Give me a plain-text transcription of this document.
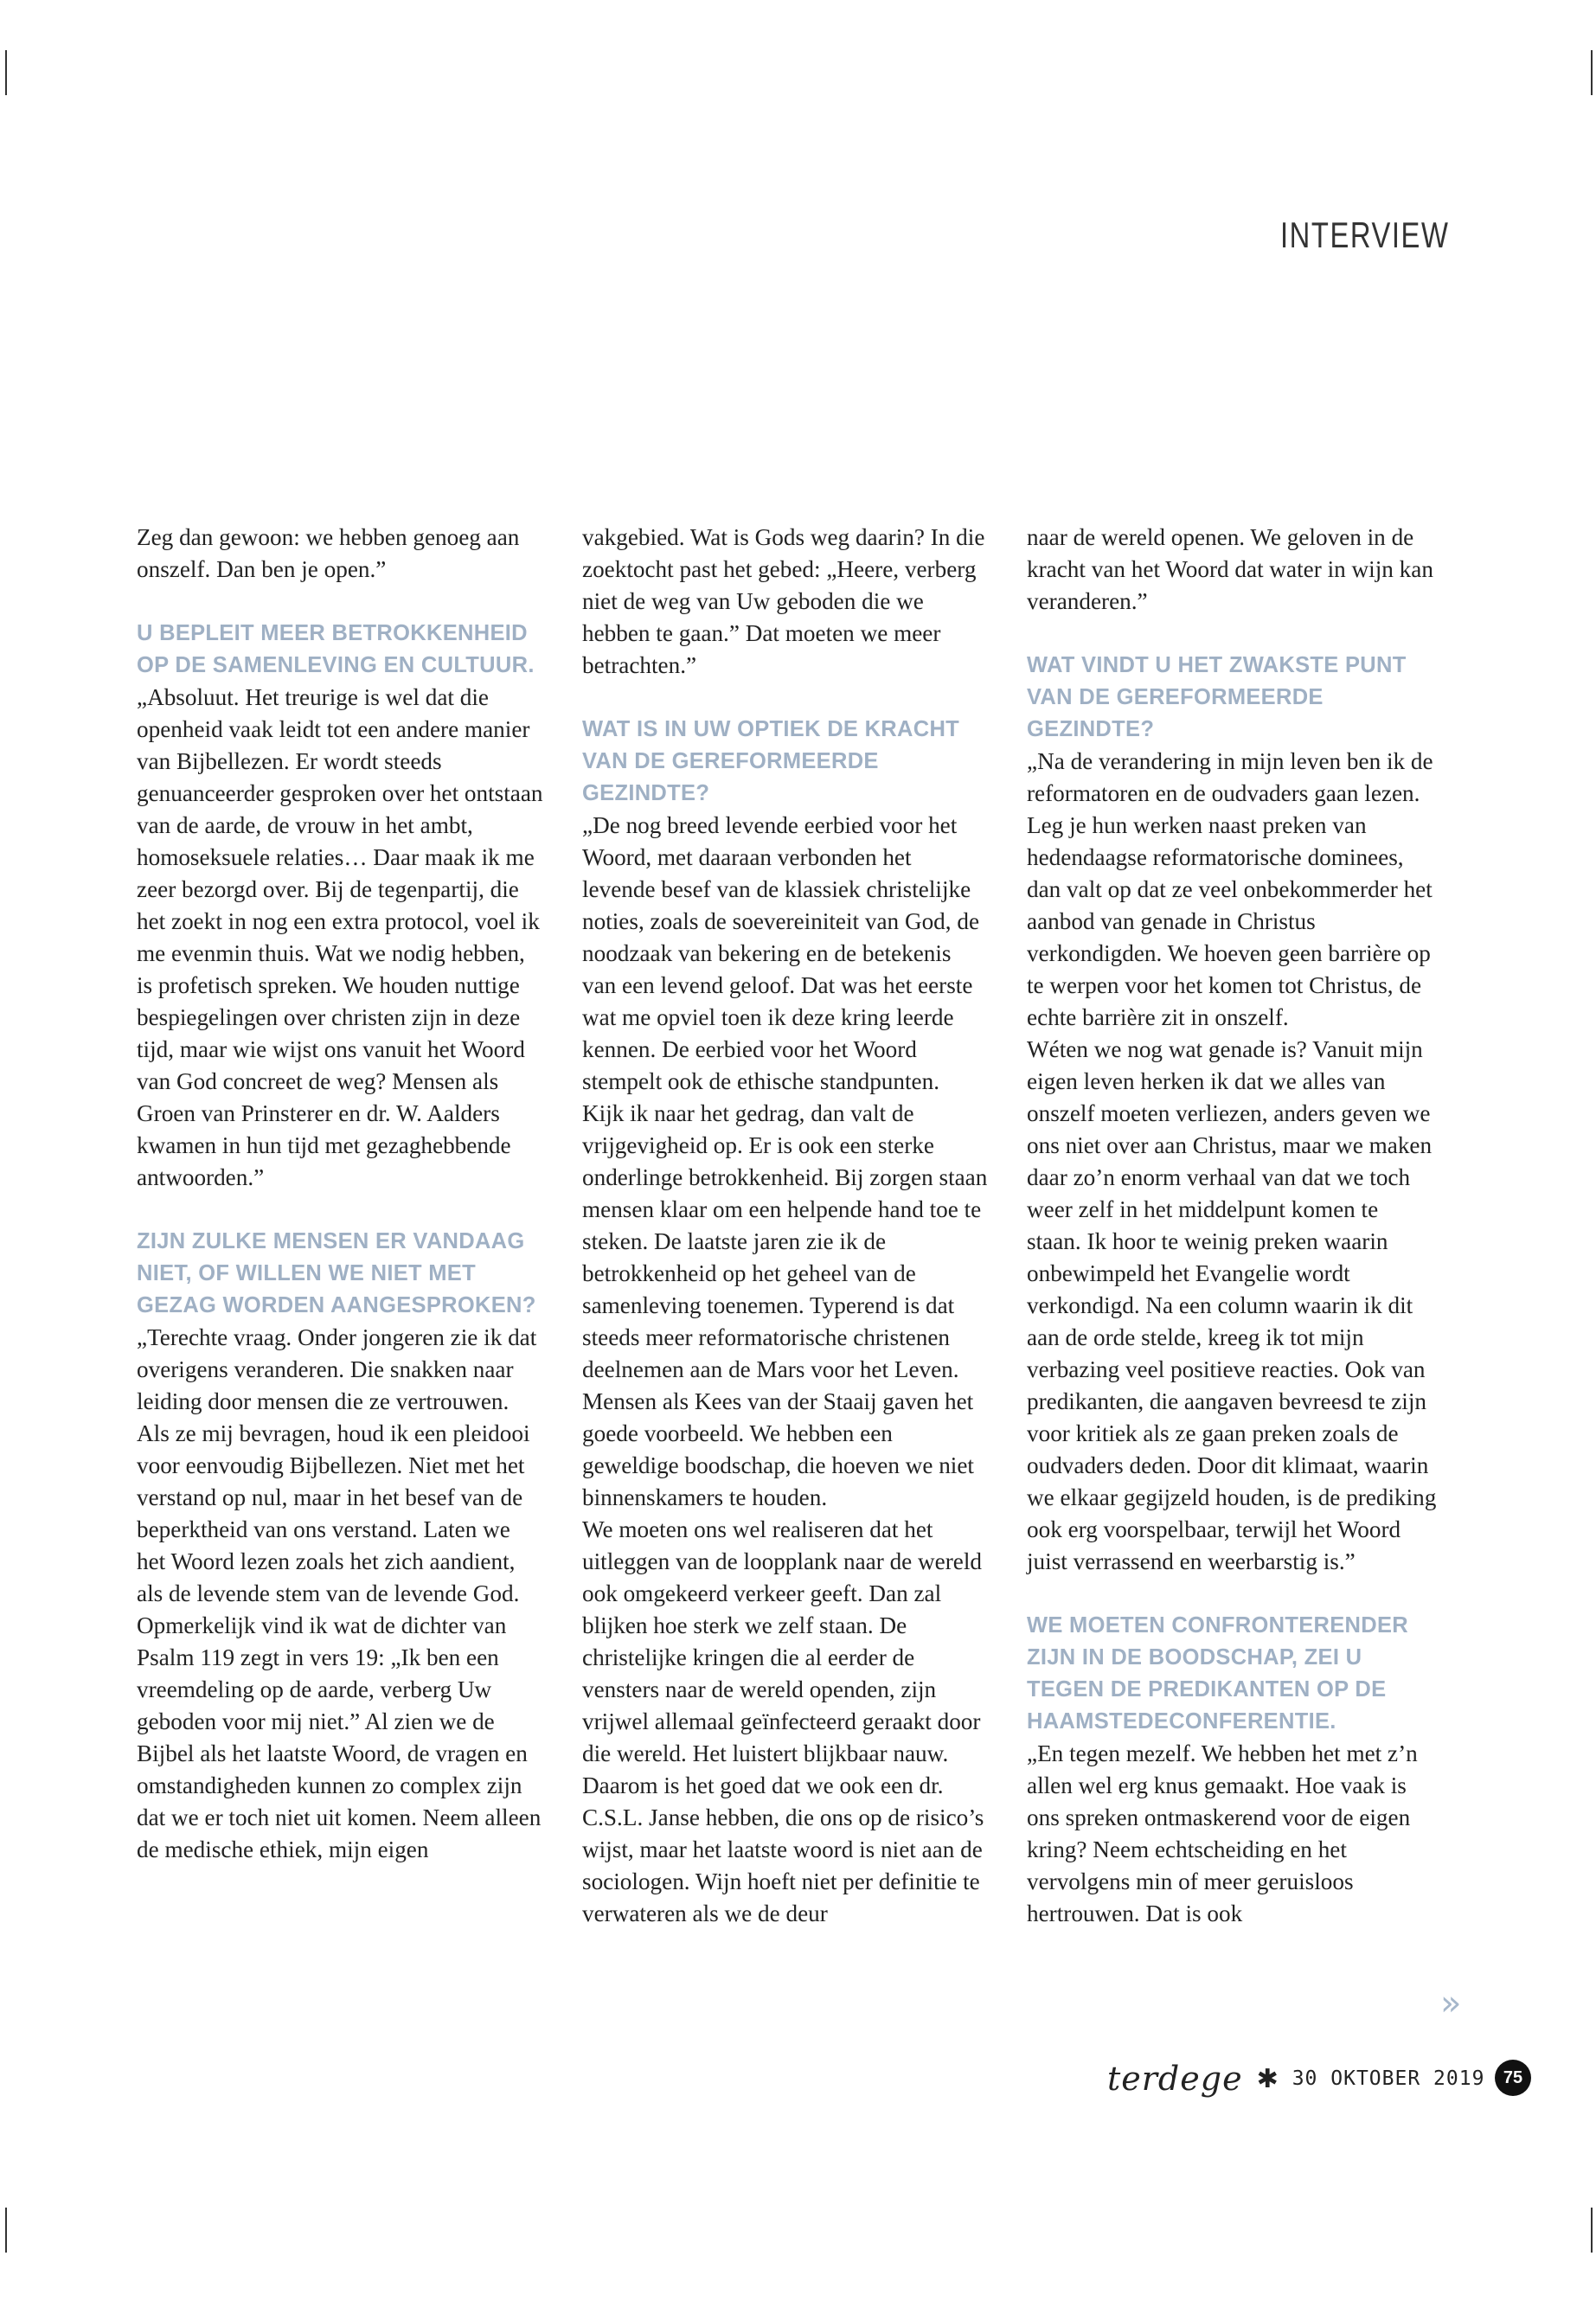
INTERVIEW

Zeg dan gewoon: we hebben genoeg aan onszelf. Dan ben je open.”

U BEPLEIT MEER BETROKKENHEID OP DE SAMENLEVING EN CULTUUR.

„Absoluut. Het treurige is wel dat die openheid vaak leidt tot een andere manier van Bijbellezen. Er wordt steeds genuanceerder gesproken over het ontstaan van de aarde, de vrouw in het ambt, homoseksuele relaties… Daar maak ik me zeer bezorgd over. Bij de tegenpartij, die het zoekt in nog een extra protocol, voel ik me evenmin thuis. Wat we nodig hebben, is profetisch spreken. We houden nuttige bespiegelingen over christen zijn in deze tijd, maar wie wijst ons vanuit het Woord van God concreet de weg? Mensen als Groen van Prinsterer en dr. W. Aalders kwamen in hun tijd met gezaghebbende antwoorden.”

ZIJN ZULKE MENSEN ER VANDAAG NIET, OF WILLEN WE NIET MET GEZAG WORDEN AANGESPROKEN?

„Terechte vraag. Onder jongeren zie ik dat overigens veranderen. Die snakken naar leiding door mensen die ze vertrouwen. Als ze mij bevragen, houd ik een pleidooi voor eenvoudig Bijbellezen. Niet met het verstand op nul, maar in het besef van de beperktheid van ons verstand. Laten we het Woord lezen zoals het zich aandient, als de levende stem van de levende God. Opmerkelijk vind ik wat de dichter van Psalm 119 zegt in vers 19: „Ik ben een vreemdeling op de aarde, verberg Uw geboden voor mij niet.” Al zien we de Bijbel als het laatste Woord, de vragen en omstandigheden kunnen zo complex zijn dat we er toch niet uit komen. Neem alleen de medische ethiek, mijn eigen

vakgebied. Wat is Gods weg daarin? In die zoektocht past het gebed: „Heere, verberg niet de weg van Uw geboden die we hebben te gaan.” Dat moeten we meer betrachten.”

WAT IS IN UW OPTIEK DE KRACHT VAN DE GEREFORMEERDE GEZINDTE?

„De nog breed levende eerbied voor het Woord, met daaraan verbonden het levende besef van de klassiek christelijke noties, zoals de soevereiniteit van God, de noodzaak van bekering en de betekenis van een levend geloof. Dat was het eerste wat me opviel toen ik deze kring leerde kennen. De eerbied voor het Woord stempelt ook de ethische standpunten.

Kijk ik naar het gedrag, dan valt de vrijgevigheid op. Er is ook een sterke onderlinge betrokkenheid. Bij zorgen staan mensen klaar om een helpende hand toe te steken. De laatste jaren zie ik de betrokkenheid op het geheel van de samenleving toenemen. Typerend is dat steeds meer reformatorische christenen deelnemen aan de Mars voor het Leven. Mensen als Kees van der Staaij gaven het goede voorbeeld. We hebben een geweldige boodschap, die hoeven we niet binnenskamers te houden.

We moeten ons wel realiseren dat het uitleggen van de loopplank naar de wereld ook omgekeerd verkeer geeft. Dan zal blijken hoe sterk we zelf staan. De christelijke kringen die al eerder de vensters naar de wereld openden, zijn vrijwel allemaal geïnfecteerd geraakt door die wereld. Het luistert blijkbaar nauw. Daarom is het goed dat we ook een dr. C.S.L. Janse hebben, die ons op de risico’s wijst, maar het laatste woord is niet aan de sociologen. Wijn hoeft niet per definitie te verwateren als we de deur

naar de wereld openen. We geloven in de kracht van het Woord dat water in wijn kan veranderen.”

WAT VINDT U HET ZWAKSTE PUNT VAN DE GEREFORMEERDE GEZINDTE?

„Na de verandering in mijn leven ben ik de reformatoren en de oudvaders gaan lezen. Leg je hun werken naast preken van hedendaagse reformatorische dominees, dan valt op dat ze veel onbekommerder het aanbod van genade in Christus verkondigden. We hoeven geen barrière op te werpen voor het komen tot Christus, de echte barrière zit in onszelf.

Wéten we nog wat genade is? Vanuit mijn eigen leven herken ik dat we alles van onszelf moeten verliezen, anders geven we ons niet over aan Christus, maar we maken daar zo’n enorm verhaal van dat we toch weer zelf in het middelpunt komen te staan. Ik hoor te weinig preken waarin onbewimpeld het Evangelie wordt verkondigd. Na een column waarin ik dit aan de orde stelde, kreeg ik tot mijn verbazing veel positieve reacties. Ook van predikanten, die aangaven bevreesd te zijn voor kritiek als ze gaan preken zoals de oudvaders deden. Door dit klimaat, waarin we elkaar gegijzeld houden, is de prediking ook erg voorspelbaar, terwijl het Woord juist verrassend en weerbarstig is.”

WE MOETEN CONFRONTERENDER ZIJN IN DE BOODSCHAP, ZEI U TEGEN DE PREDIKANTEN OP DE HAAMSTEDECONFERENTIE.

„En tegen mezelf. We hebben het met z’n allen wel erg knus gemaakt. Hoe vaak is ons spreken ontmaskerend voor de eigen kring? Neem echtscheiding en het vervolgens min of meer geruisloos hertrouwen. Dat is ook

»
terdege ✱ 30 OKTOBER 2019	75
